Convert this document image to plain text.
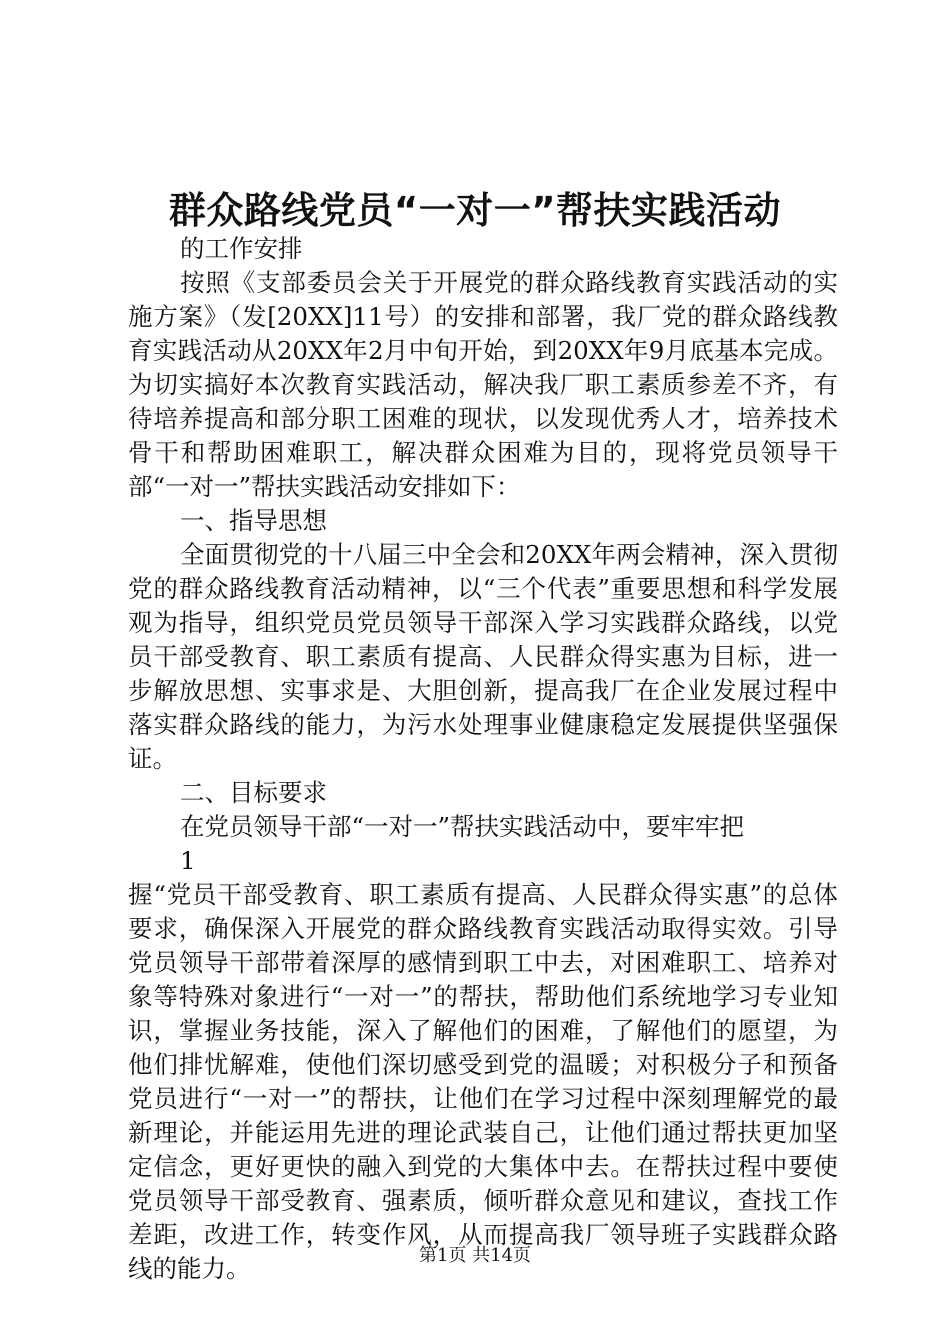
群众路线党员“一对一”帮扶实践活动

的工作安排

按照《支部委员会关于开展党的群众路线教育实践活动的实施方案》（发[20XX]11号）的安排和部署，我厂党的群众路线教育实践活动从20XX年2月中旬开始，到20XX年9月底基本完成。为切实搞好本次教育实践活动，解决我厂职工素质参差不齐，有待培养提高和部分职工困难的现状，以发现优秀人才，培养技术骨干和帮助困难职工，解决群众困难为目的，现将党员领导干部“一对一”帮扶实践活动安排如下：

一、指导思想

全面贯彻党的十八届三中全会和20XX年两会精神，深入贯彻党的群众路线教育活动精神，以“三个代表”重要思想和科学发展观为指导，组织党员党员领导干部深入学习实践群众路线，以党员干部受教育、职工素质有提高、人民群众得实惠为目标，进一步解放思想、实事求是、大胆创新，提高我厂在企业发展过程中落实群众路线的能力，为污水处理事业健康稳定发展提供坚强保证。

二、目标要求

在党员领导干部“一对一”帮扶实践活动中，要牢牢把

1

握“党员干部受教育、职工素质有提高、人民群众得实惠”的总体要求，确保深入开展党的群众路线教育实践活动取得实效。引导党员领导干部带着深厚的感情到职工中去，对困难职工、培养对象等特殊对象进行“一对一”的帮扶，帮助他们系统地学习专业知识，掌握业务技能，深入了解他们的困难，了解他们的愿望，为他们排忧解难，使他们深切感受到党的温暖；对积极分子和预备党员进行“一对一”的帮扶，让他们在学习过程中深刻理解党的最新理论，并能运用先进的理论武装自己，让他们通过帮扶更加坚定信念，更好更快的融入到党的大集体中去。在帮扶过程中要使党员领导干部受教育、强素质，倾听群众意见和建议，查找工作差距，改进工作，转变作风，从而提高我厂领导班子实践群众路线的能力。	第1页 共14页
